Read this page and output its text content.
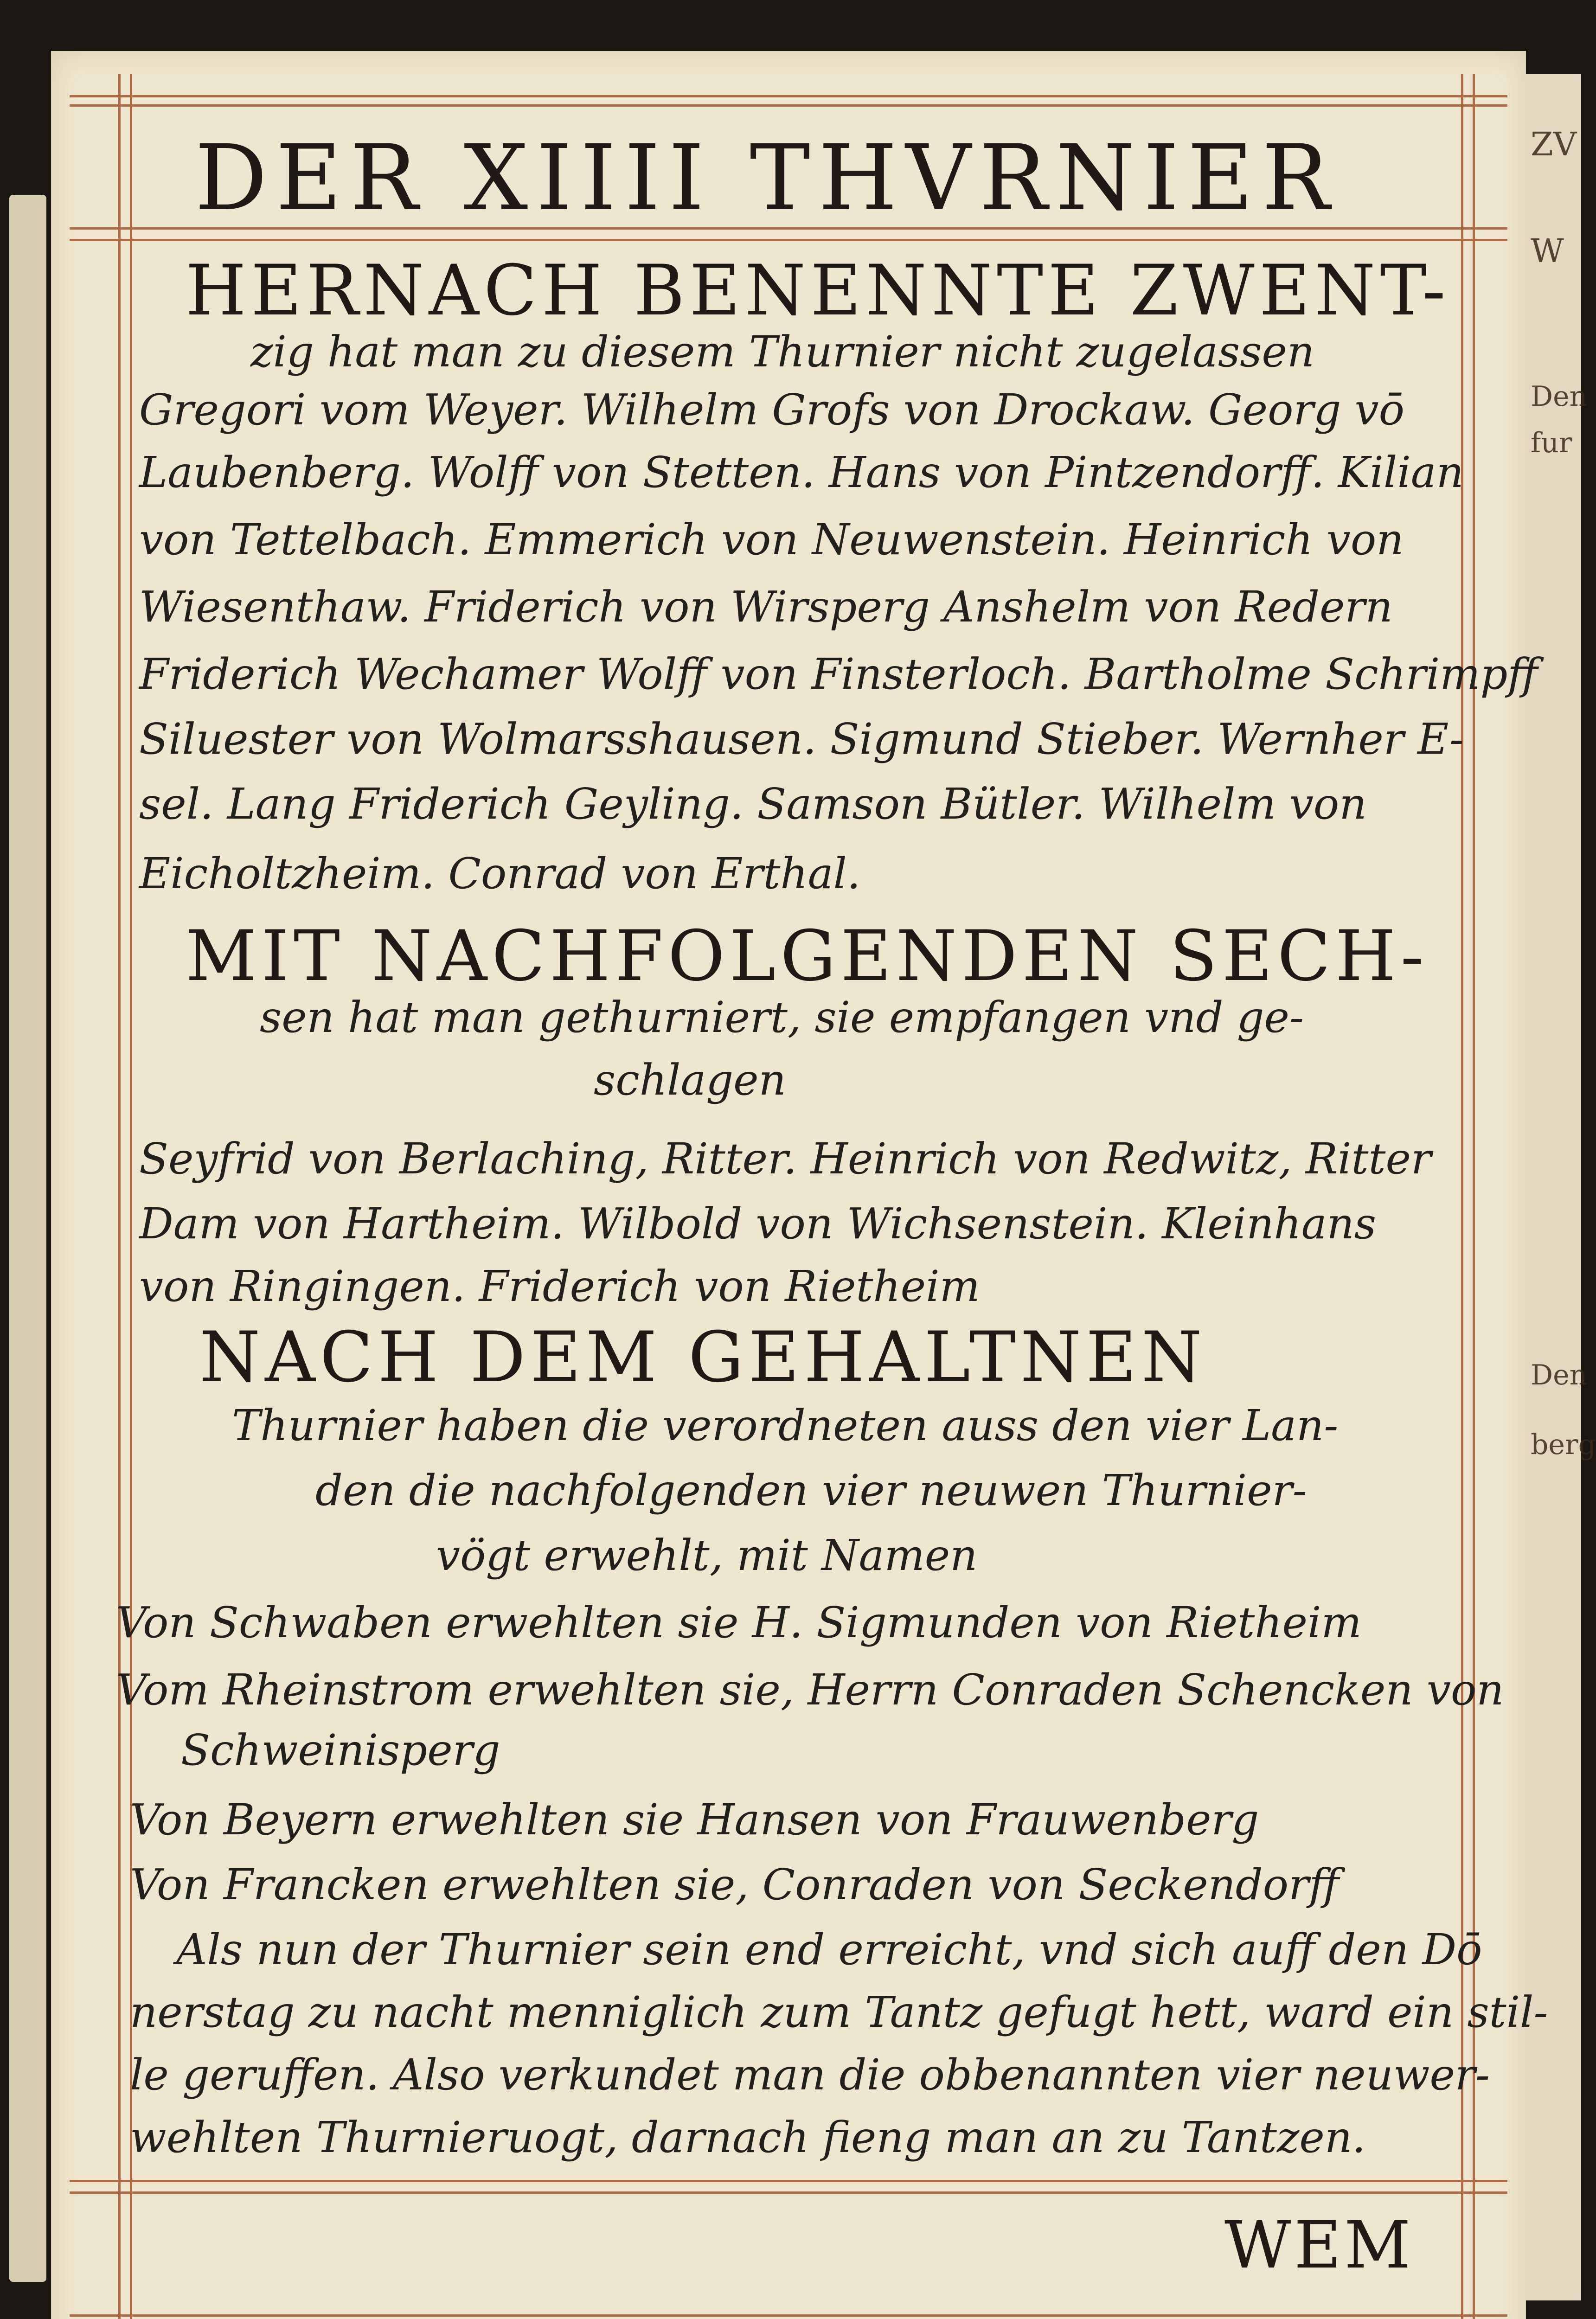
ZV
W
Den
fur
Den
berg
DER XIIII THVRNIER
HERNACH BENENNTE ZWENT-
zig hat man zu diesem Thurnier nicht zugelassen
Gregori vom Weyer. Wilhelm Grofs von Drockaw. Georg vō
Laubenberg. Wolff von Stetten. Hans von Pintzendorff. Kilian
von Tettelbach. Emmerich von Neuwenstein. Heinrich von
Wiesenthaw. Friderich von Wirsperg Anshelm von Redern
Friderich Wechamer Wolff von Finsterloch. Bartholme Schrimpff
Siluester von Wolmarsshausen. Sigmund Stieber. Wernher E-
sel. Lang Friderich Geyling. Samson Bütler. Wilhelm von
Eicholtzheim. Conrad von Erthal.
MIT NACHFOLGENDEN SECH-
sen hat man gethurniert, sie empfangen vnd ge-
schlagen
Seyfrid von Berlaching, Ritter. Heinrich von Redwitz, Ritter
Dam von Hartheim. Wilbold von Wichsenstein. Kleinhans
von Ringingen. Friderich von Rietheim
NACH DEM GEHALTNEN
Thurnier haben die verordneten auss den vier Lan-
den die nachfolgenden vier neuwen Thurnier-
vögt erwehlt, mit Namen
Von Schwaben erwehlten sie H. Sigmunden von Rietheim
Vom Rheinstrom erwehlten sie, Herrn Conraden Schencken von
Schweinisperg
Von Beyern erwehlten sie Hansen von Frauwenberg
Von Francken erwehlten sie, Conraden von Seckendorff
Als nun der Thurnier sein end erreicht, vnd sich auff den Dō
nerstag zu nacht menniglich zum Tantz gefugt hett, ward ein stil-
le geruffen. Also verkundet man die obbenannten vier neuwer-
wehlten Thurnieruogt, darnach fieng man an zu Tantzen.
WEM
